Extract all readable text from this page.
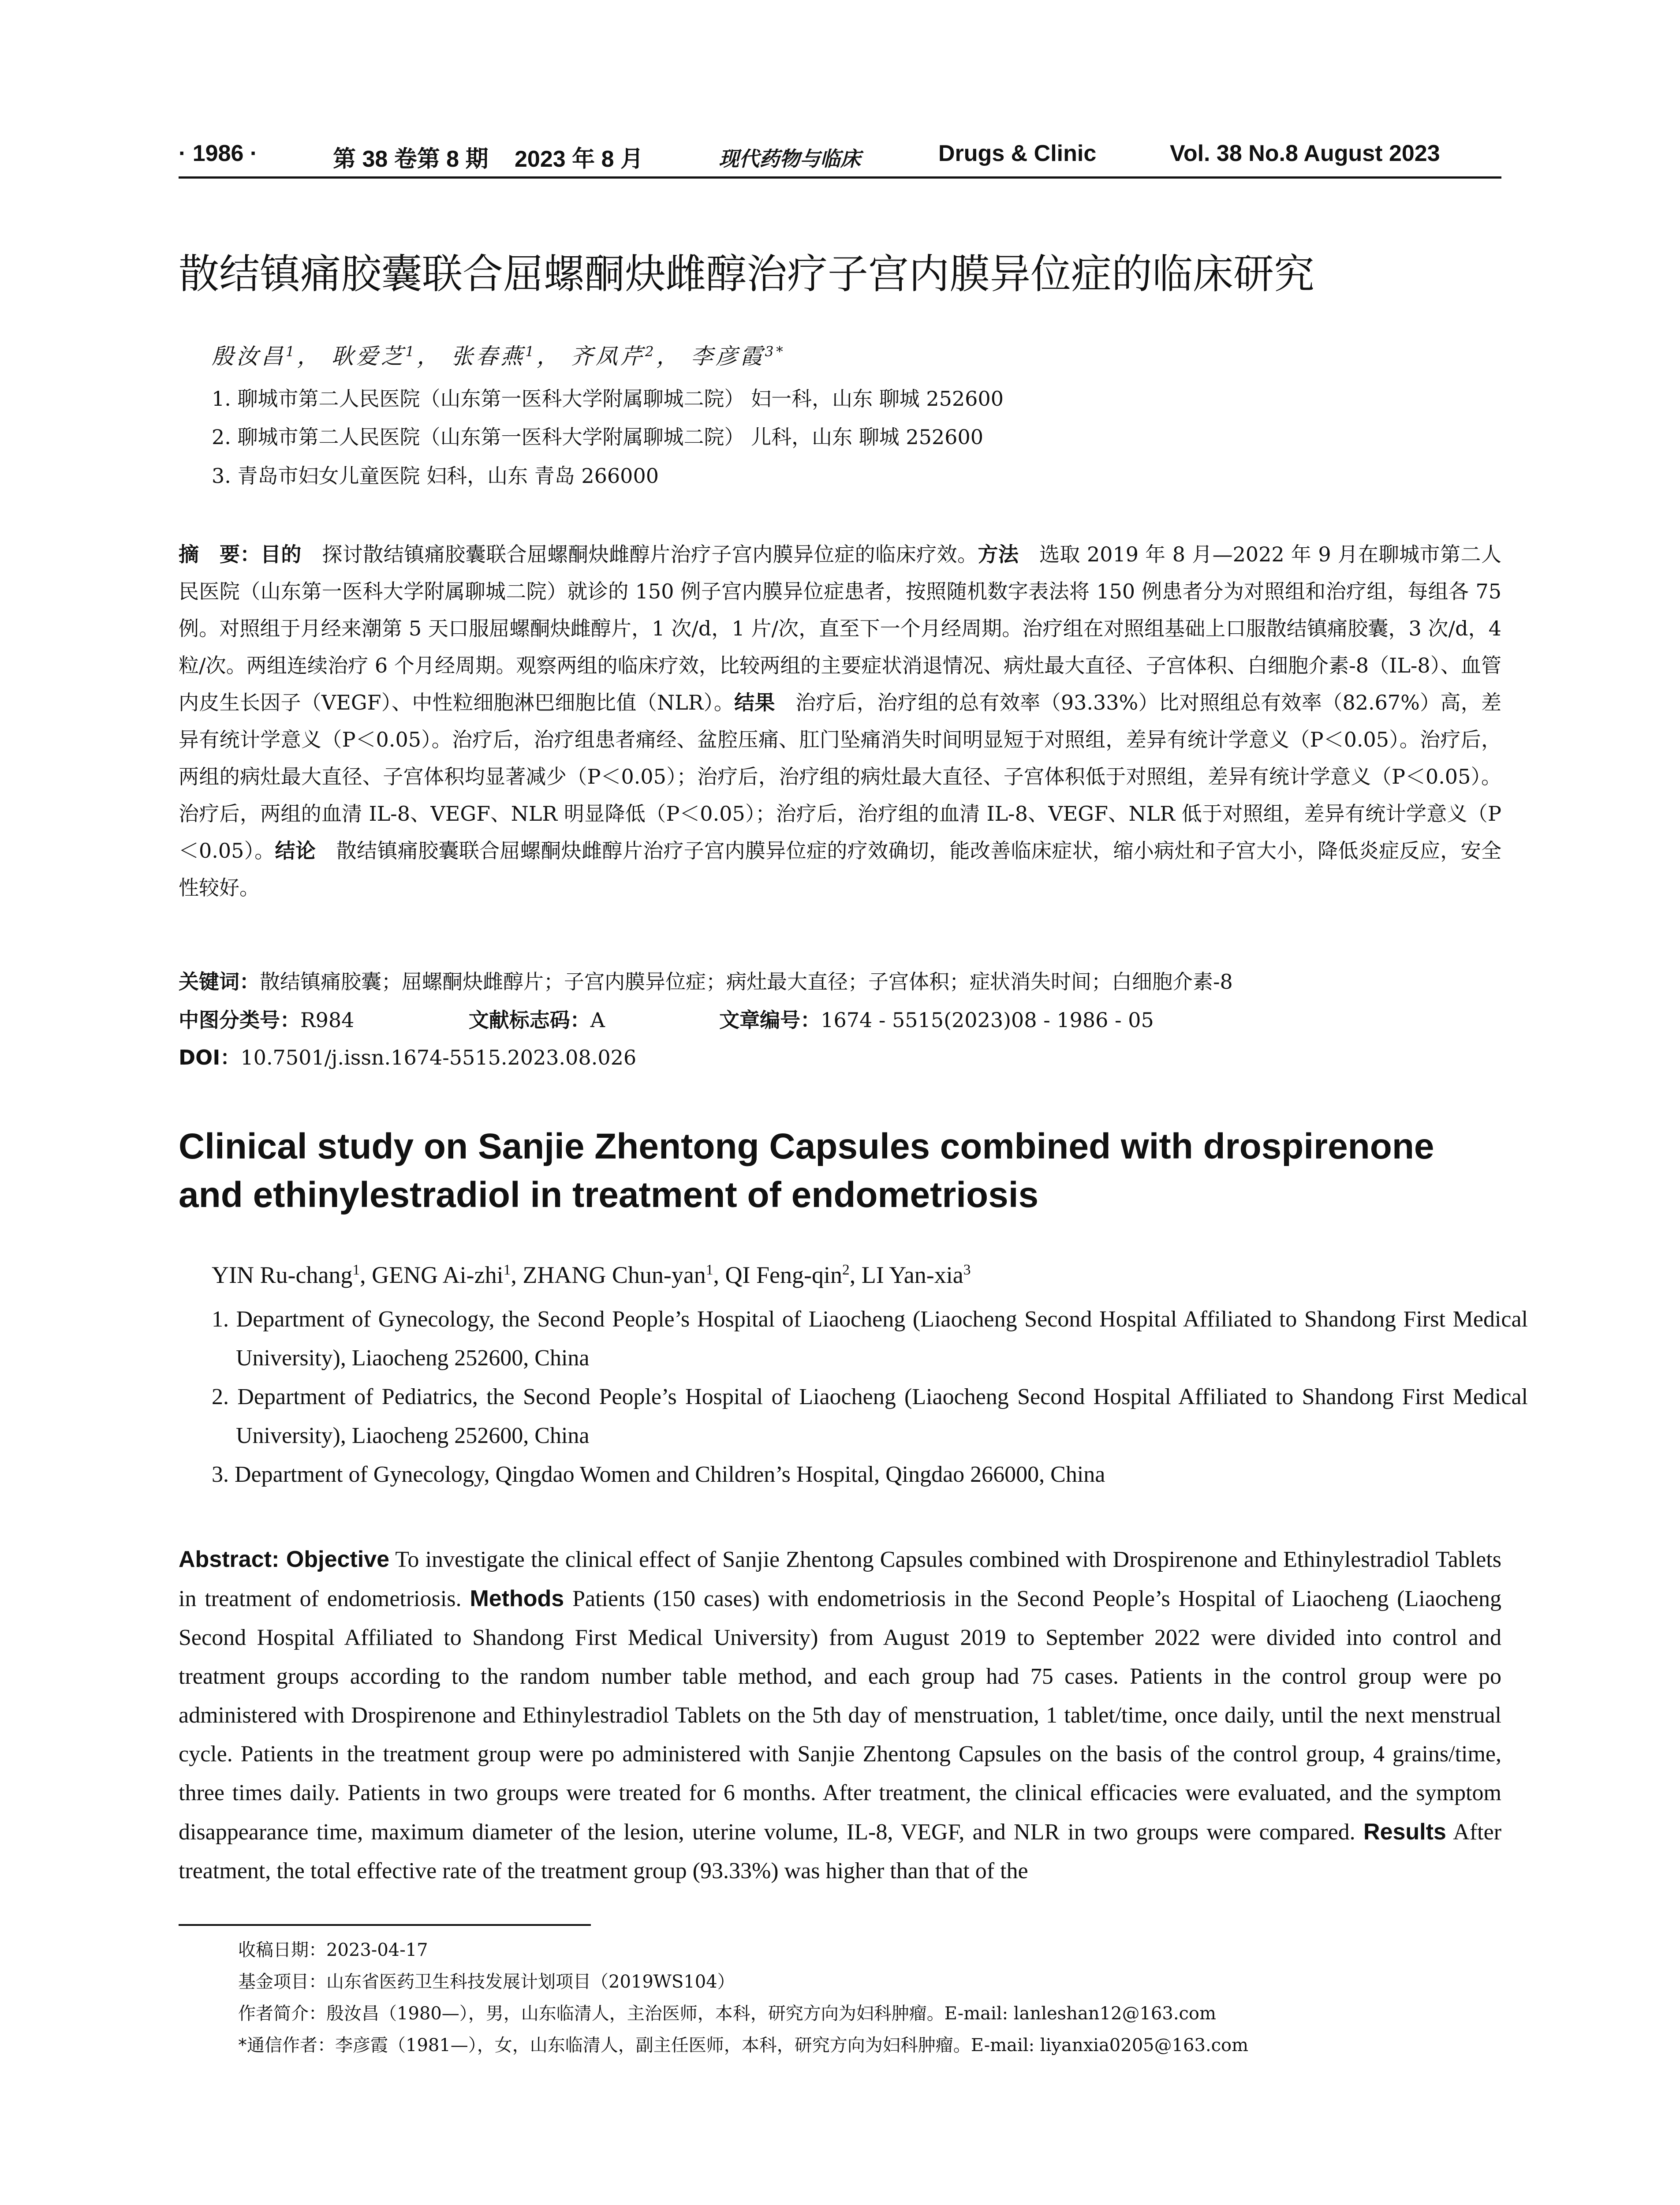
· 1986 ·	第 38 卷第 8 期 2023 年 8 月	现代药物与临床	Drugs & Clinic	Vol. 38 No.8 August 2023
散结镇痛胶囊联合屈螺酮炔雌醇治疗子宫内膜异位症的临床研究
殷汝昌$^1$， 耿爱芝$^1$， 张春燕$^1$， 齐凤芹$^2$， 李彦霞$^{3*}$
1. 聊城市第二人民医院（山东第一医科大学附属聊城二院） 妇一科，山东 聊城 252600
2. 聊城市第二人民医院（山东第一医科大学附属聊城二院） 儿科，山东 聊城 252600
3. 青岛市妇女儿童医院 妇科，山东 青岛 266000
摘　要：目的　探讨散结镇痛胶囊联合屈螺酮炔雌醇片治疗子宫内膜异位症的临床疗效。方法　选取 2019 年 8 月—2022 年 9 月在聊城市第二人民医院（山东第一医科大学附属聊城二院）就诊的 150 例子宫内膜异位症患者，按照随机数字表法将 150 例患者分为对照组和治疗组，每组各 75 例。对照组于月经来潮第 5 天口服屈螺酮炔雌醇片，1 次/d，1 片/次，直至下一个月经周期。治疗组在对照组基础上口服散结镇痛胶囊，3 次/d，4 粒/次。两组连续治疗 6 个月经周期。观察两组的临床疗效，比较两组的主要症状消退情况、病灶最大直径、子宫体积、白细胞介素-8（IL-8）、血管内皮生长因子（VEGF）、中性粒细胞淋巴细胞比值（NLR）。结果　治疗后，治疗组的总有效率（93.33%）比对照组总有效率（82.67%）高，差异有统计学意义（P＜0.05）。治疗后，治疗组患者痛经、盆腔压痛、肛门坠痛消失时间明显短于对照组，差异有统计学意义（P＜0.05）。治疗后，两组的病灶最大直径、子宫体积均显著减少（P＜0.05）；治疗后，治疗组的病灶最大直径、子宫体积低于对照组，差异有统计学意义（P＜0.05）。治疗后，两组的血清 IL-8、VEGF、NLR 明显降低（P＜0.05）；治疗后，治疗组的血清 IL-8、VEGF、NLR 低于对照组，差异有统计学意义（P＜0.05）。结论　散结镇痛胶囊联合屈螺酮炔雌醇片治疗子宫内膜异位症的疗效确切，能改善临床症状，缩小病灶和子宫大小，降低炎症反应，安全性较好。
关键词：散结镇痛胶囊；屈螺酮炔雌醇片；子宫内膜异位症；病灶最大直径；子宫体积；症状消失时间；白细胞介素-8
中图分类号：R984	文献标志码：A	文章编号：1674 - 5515(2023)08 - 1986 - 05
DOI：10.7501/j.issn.1674-5515.2023.08.026
Clinical study on Sanjie Zhentong Capsules combined with drospirenone and ethinylestradiol in treatment of endometriosis
YIN Ru-chang$^1$, GENG Ai-zhi$^1$, ZHANG Chun-yan$^1$, QI Feng-qin$^2$, LI Yan-xia$^3$
1. Department of Gynecology, the Second People’s Hospital of Liaocheng (Liaocheng Second Hospital Affiliated to Shandong First Medical University), Liaocheng 252600, China
2. Department of Pediatrics, the Second People’s Hospital of Liaocheng (Liaocheng Second Hospital Affiliated to Shandong First Medical University), Liaocheng 252600, China
3. Department of Gynecology, Qingdao Women and Children’s Hospital, Qingdao 266000, China
Abstract: Objective To investigate the clinical effect of Sanjie Zhentong Capsules combined with Drospirenone and Ethinylestradiol Tablets in treatment of endometriosis. Methods Patients (150 cases) with endometriosis in the Second People’s Hospital of Liaocheng (Liaocheng Second Hospital Affiliated to Shandong First Medical University) from August 2019 to September 2022 were divided into control and treatment groups according to the random number table method, and each group had 75 cases. Patients in the control group were po administered with Drospirenone and Ethinylestradiol Tablets on the 5th day of menstruation, 1 tablet/time, once daily, until the next menstrual cycle. Patients in the treatment group were po administered with Sanjie Zhentong Capsules on the basis of the control group, 4 grains/time, three times daily. Patients in two groups were treated for 6 months. After treatment, the clinical efficacies were evaluated, and the symptom disappearance time, maximum diameter of the lesion, uterine volume, IL-8, VEGF, and NLR in two groups were compared. Results After treatment, the total effective rate of the treatment group (93.33%) was higher than that of the
收稿日期：2023-04-17
基金项目：山东省医药卫生科技发展计划项目（2019WS104）
作者简介：殷汝昌（1980—），男，山东临清人，主治医师，本科，研究方向为妇科肿瘤。E-mail: lanleshan12@163.com
*通信作者：李彦霞（1981—），女，山东临清人，副主任医师，本科，研究方向为妇科肿瘤。E-mail: liyanxia0205@163.com
